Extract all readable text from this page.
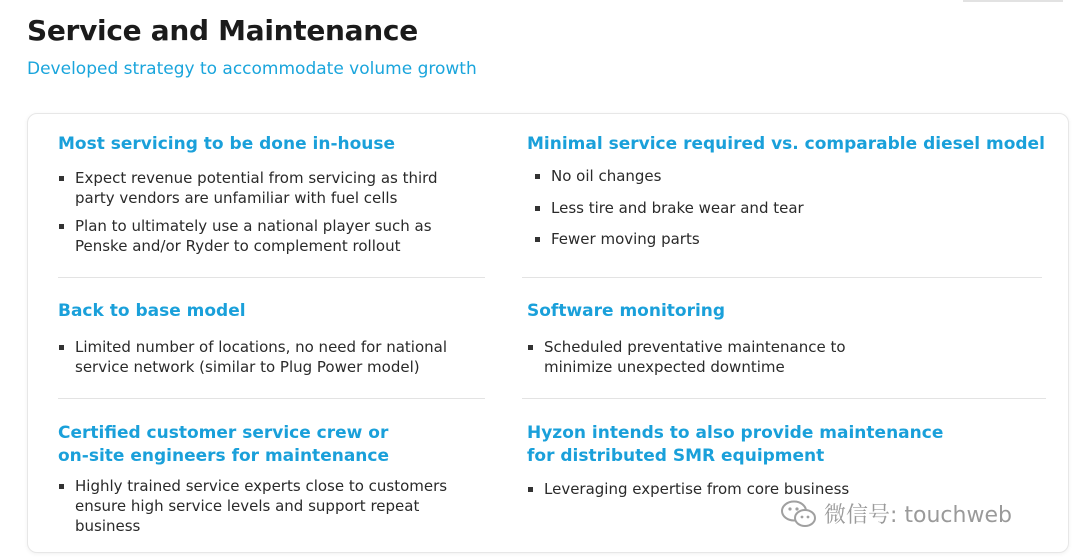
Service and Maintenance

Developed strategy to accommodate volume growth

Most servicing to be done in-house
Expect revenue potential from servicing as third party vendors are unfamiliar with fuel cells
Plan to ultimately use a national player such as Penske and/or Ryder to complement rollout
Minimal service required vs. comparable diesel model
No oil changes
Less tire and brake wear and tear
Fewer moving parts
Back to base model
Limited number of locations, no need for national service network (similar to Plug Power model)
Software monitoring
Scheduled preventative maintenance to minimize unexpected downtime
Certified customer service crew or
on-site engineers for maintenance
Highly trained service experts close to customers ensure high service levels and support repeat business
Hyzon intends to also provide maintenance
for distributed SMR equipment
Leveraging expertise from core business
微信号: touchweb
